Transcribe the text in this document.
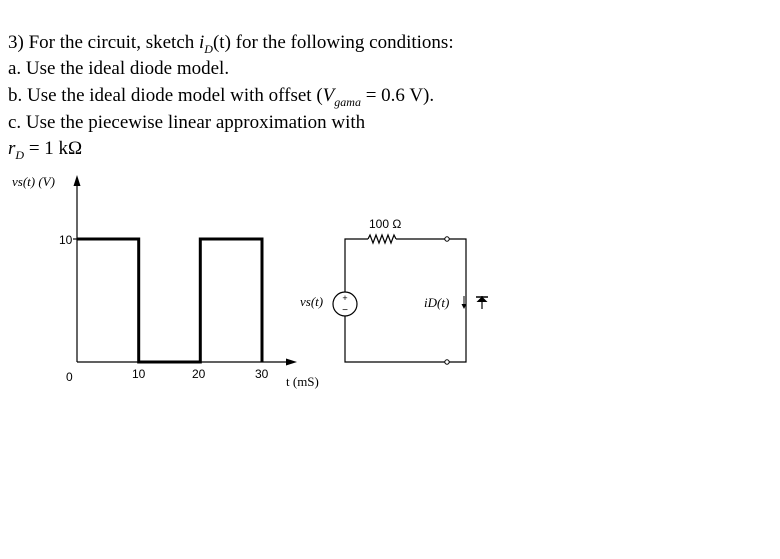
3) For the circuit, sketch $i_D(t)$ for the following conditions:
a. Use the ideal diode model.
b. Use the ideal diode model with offset ($V_{gama} = 0.6$ V).
c. Use the piecewise linear approximation with
$r_D = 1$ kΩ
vs(t) (V)
10
0	10	20	30 t (mS)
+
−
vs(t)
100 Ω
iD(t)
